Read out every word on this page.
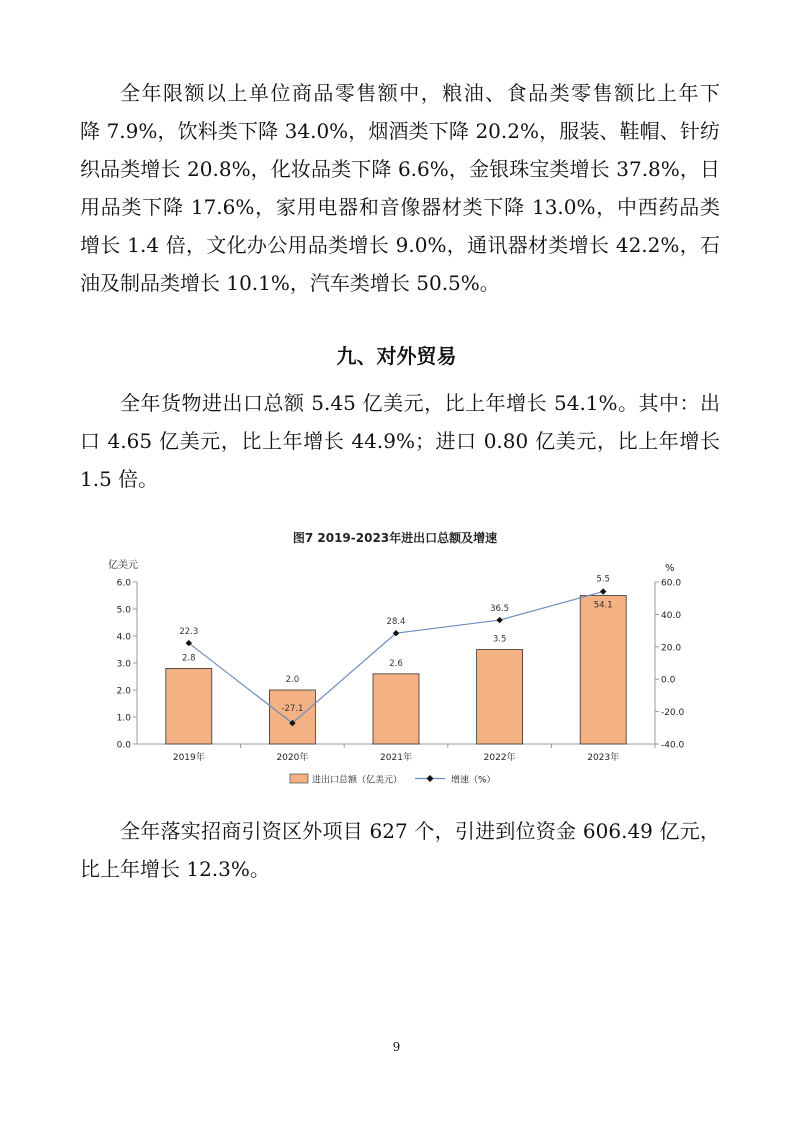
全年限额以上单位商品零售额中，粮油、食品类零售额比上年下
降 7.9%，饮料类下降 34.0%，烟酒类下降 20.2%，服装、鞋帽、针纺
织品类增长 20.8%，化妆品类下降 6.6%，金银珠宝类增长 37.8%，日
用品类下降 17.6%，家用电器和音像器材类下降 13.0%，中西药品类
增长 1.4 倍，文化办公用品类增长 9.0%，通讯器材类增长 42.2%，石
油及制品类增长 10.1%，汽车类增长 50.5%。
九、对外贸易
全年货物进出口总额 5.45 亿美元，比上年增长 54.1%。其中：出
口 4.65 亿美元，比上年增长 44.9%；进口 0.80 亿美元，比上年增长
1.5 倍。
图7 2019-2023年进出口总额及增速
亿美元	%
0.0
1.0
2.0
3.0
4.0
5.0
6.0
-40.0
-20.0
0.0
20.0
40.0
60.0
2019年	2020年	2021年	2022年	2023年
2.8
2.0
2.6
3.5
5.5
22.3
-27.1
28.4
36.5	54.1
进出口总额（亿美元）	增速（%）
全年落实招商引资区外项目 627 个，引进到位资金 606.49 亿元，
比上年增长 12.3%。
9
